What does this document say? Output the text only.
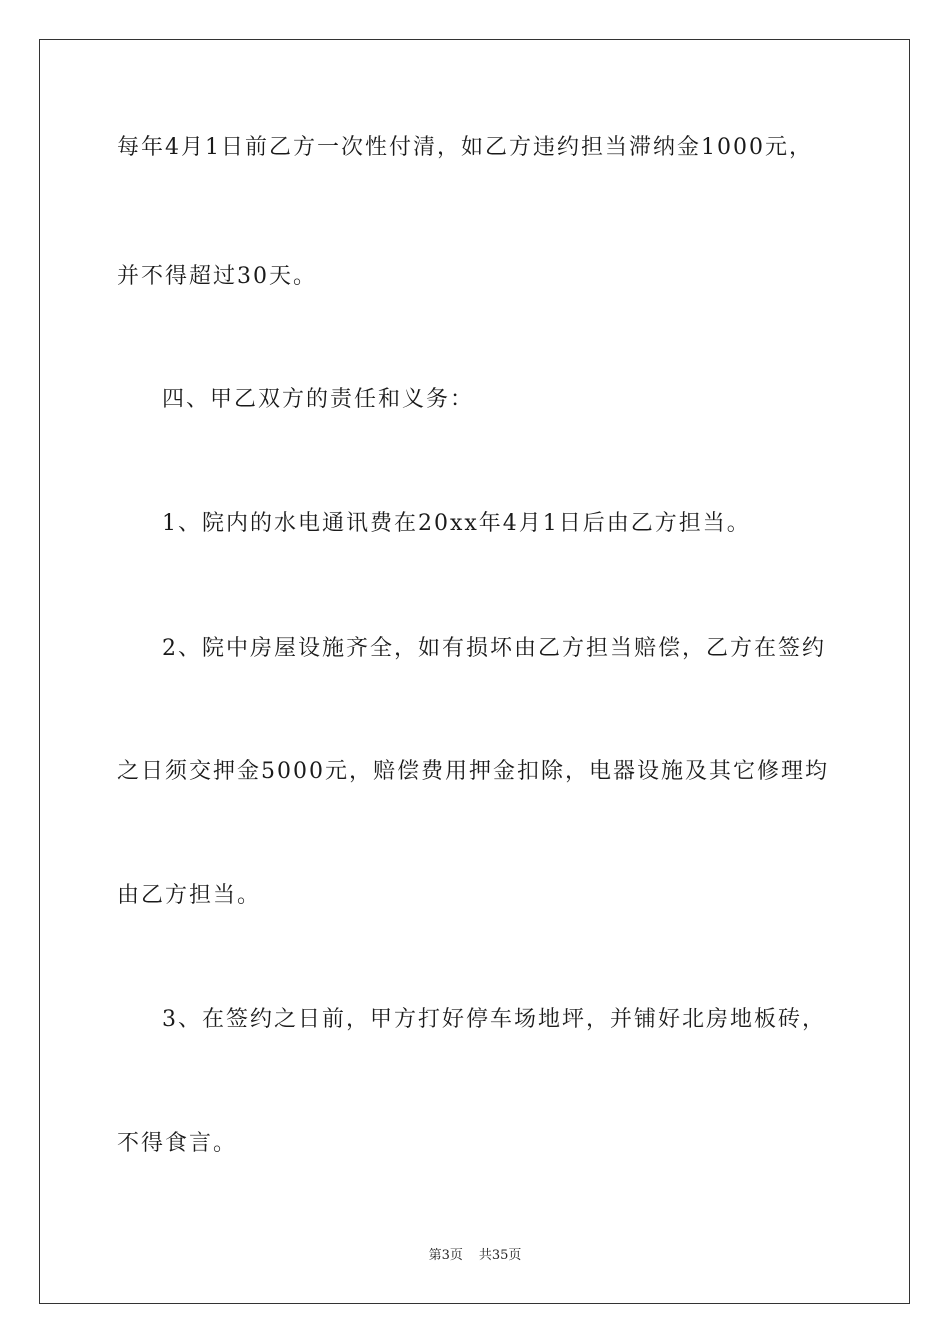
每年4月1日前乙方一次性付清，如乙方违约担当滞纳金1000元，
并不得超过30天。
四、甲乙双方的责任和义务：
1、院内的水电通讯费在20xx年4月1日后由乙方担当。
2、院中房屋设施齐全，如有损坏由乙方担当赔偿，乙方在签约
之日须交押金5000元，赔偿费用押金扣除，电器设施及其它修理均
由乙方担当。
3、在签约之日前，甲方打好停车场地坪，并铺好北房地板砖，
不得食言。
第3页 共35页
